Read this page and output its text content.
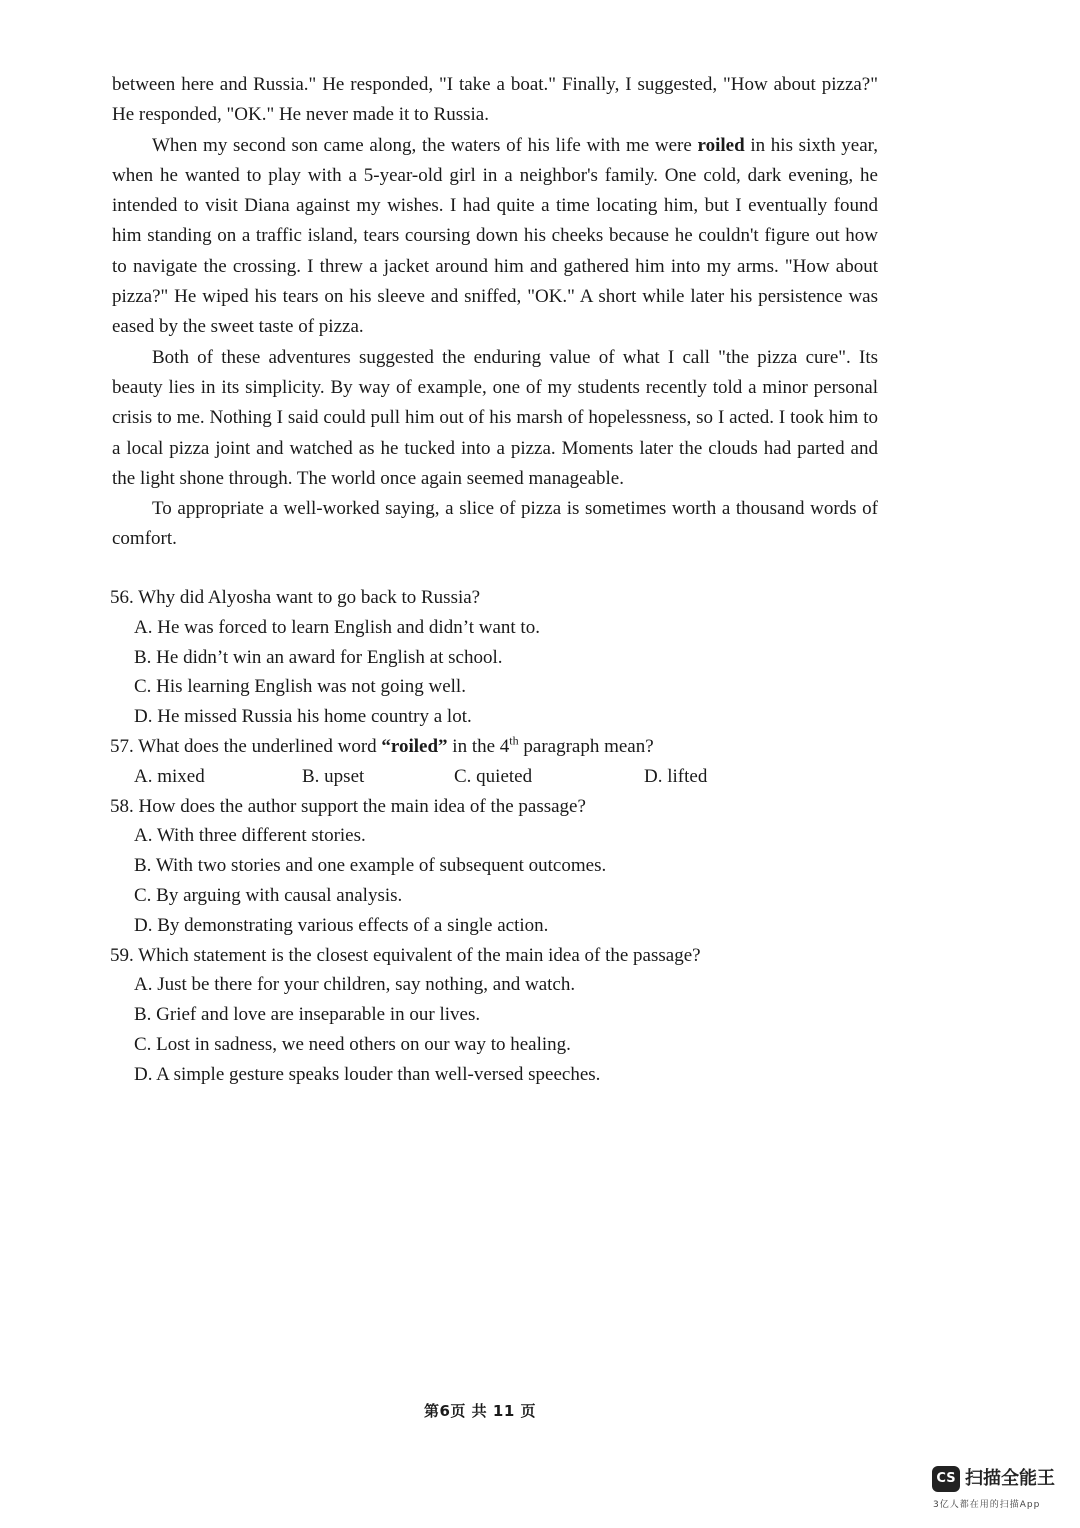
between here and Russia." He responded, "I take a boat." Finally, I suggested, "How about pizza?" He responded, "OK." He never made it to Russia.

When my second son came along, the waters of his life with me were roiled in his sixth year, when he wanted to play with a 5-year-old girl in a neighbor's family. One cold, dark evening, he intended to visit Diana against my wishes. I had quite a time locating him, but I eventually found him standing on a traffic island, tears coursing down his cheeks because he couldn't figure out how to navigate the crossing. I threw a jacket around him and gathered him into my arms. "How about pizza?" He wiped his tears on his sleeve and sniffed, "OK." A short while later his persistence was eased by the sweet taste of pizza.

Both of these adventures suggested the enduring value of what I call "the pizza cure". Its beauty lies in its simplicity. By way of example, one of my students recently told a minor personal crisis to me. Nothing I said could pull him out of his marsh of hopelessness, so I acted. I took him to a local pizza joint and watched as he tucked into a pizza. Moments later the clouds had parted and the light shone through. The world once again seemed manageable.

To appropriate a well-worked saying, a slice of pizza is sometimes worth a thousand words of comfort.

56. Why did Alyosha want to go back to Russia?

A. He was forced to learn English and didn’t want to.

B. He didn’t win an award for English at school.

C. His learning English was not going well.

D. He missed Russia his home country a lot.

57. What does the underlined word “roiled” in the 4th paragraph mean?

A. mixed	B. upset	C. quieted	D. lifted

58. How does the author support the main idea of the passage?

A. With three different stories.

B. With two stories and one example of subsequent outcomes.

C. By arguing with causal analysis.

D. By demonstrating various effects of a single action.

59. Which statement is the closest equivalent of the main idea of the passage?

A. Just be there for your children, say nothing, and watch.

B. Grief and love are inseparable in our lives.

C. Lost in sadness, we need others on our way to healing.

D. A simple gesture speaks louder than well-versed speeches.

第6页 共 11 页
CS 扫描全能王
3亿人都在用的扫描App
